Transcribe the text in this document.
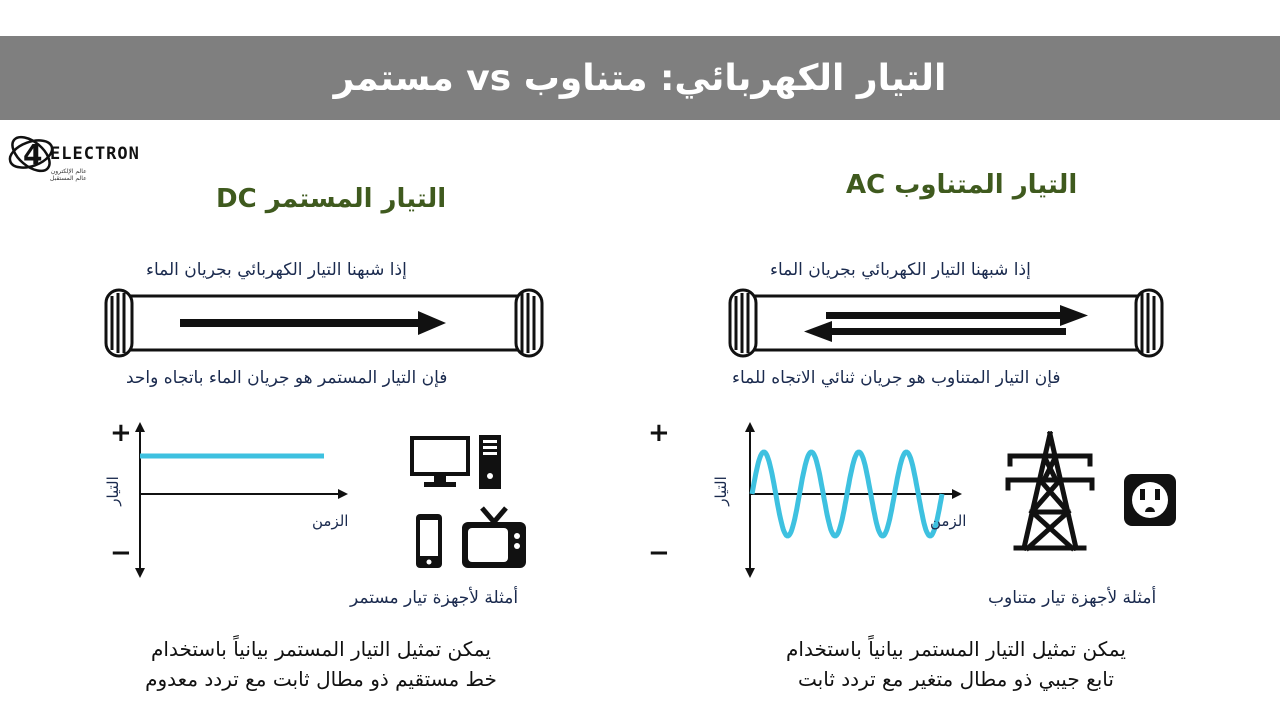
التيار الكهربائي: متناوب vs مستمر
4 ELECTRON
عالم الإلكترون
عالم المستقبل	التيار المتناوب AC
إذا شبهنا التيار الكهربائي بجريان الماء
فإن التيار المتناوب هو جريان ثنائي الاتجاه للماء
+
−
التيار
الزمن
أمثلة لأجهزة تيار متناوب
يمكن تمثيل التيار المستمر بيانياً باستخدام
تابع جيبي ذو مطال متغير مع تردد ثابت
التيار المستمر DC
إذا شبهنا التيار الكهربائي بجريان الماء
فإن التيار المستمر هو جريان الماء باتجاه واحد
+
−
التيار
الزمن
أمثلة لأجهزة تيار مستمر
يمكن تمثيل التيار المستمر بيانياً باستخدام
خط مستقيم ذو مطال ثابت مع تردد معدوم
